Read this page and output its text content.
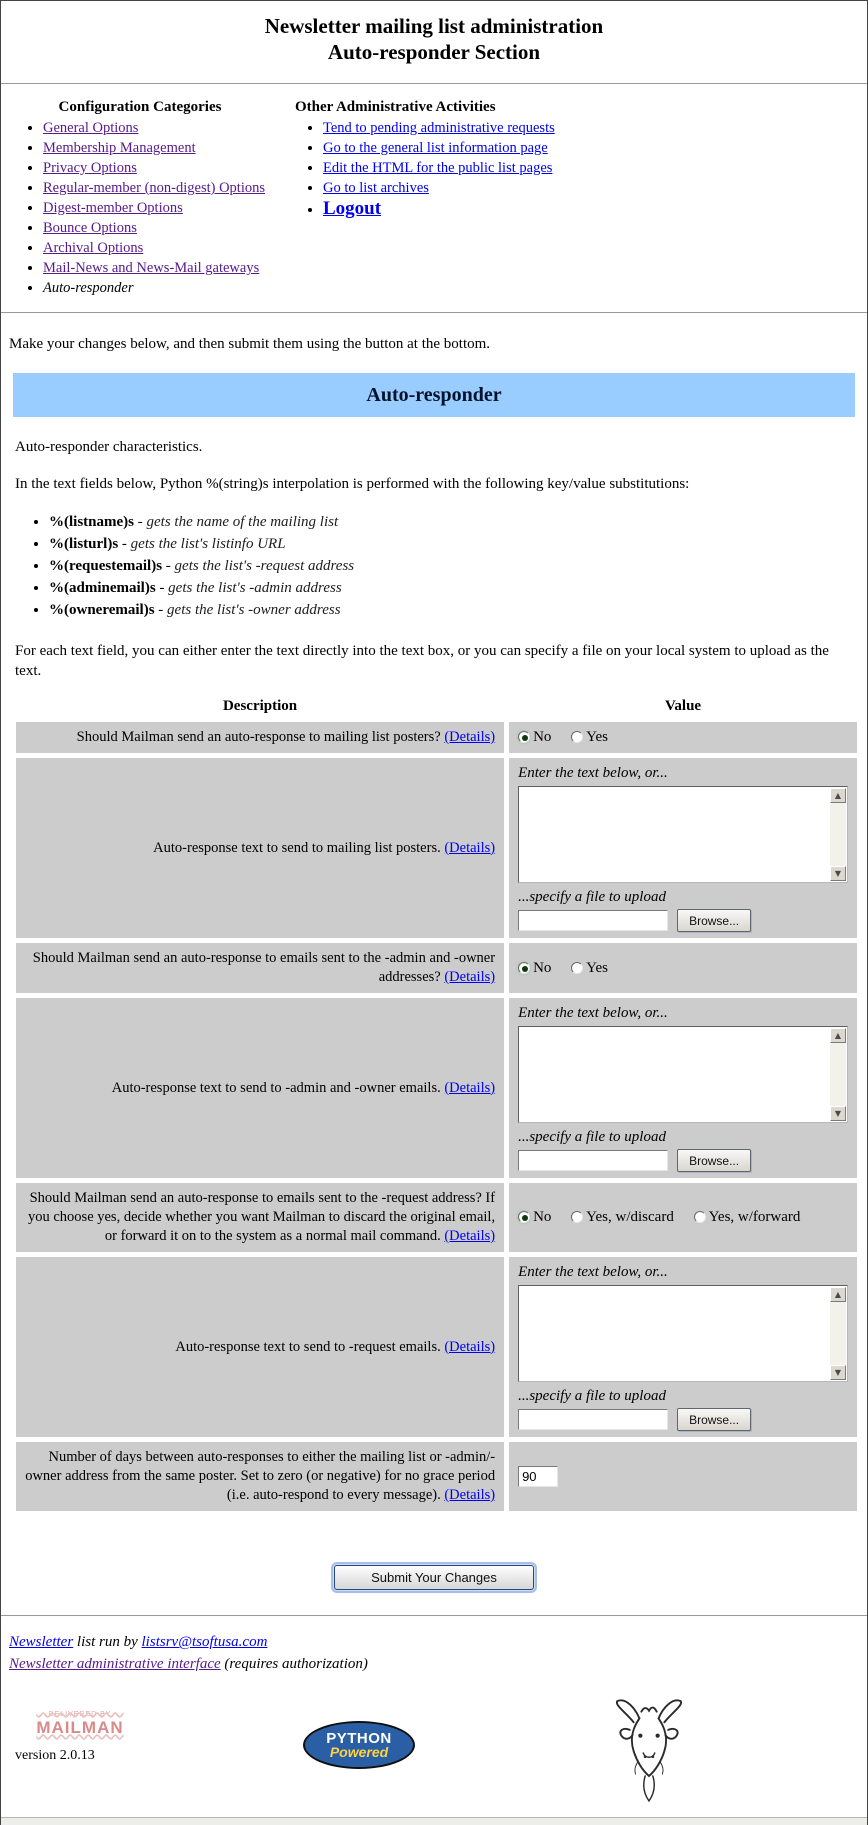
Newsletter mailing list administration
Auto-responder Section
Configuration Categories
• General Options
• Membership Management
• Privacy Options
• Regular-member (non-digest) Options
• Digest-member Options
• Bounce Options
• Archival Options
• Mail-News and News-Mail gateways
• Auto-responder
Other Administrative Activities
• Tend to pending administrative requests
• Go to the general list information page
• Edit the HTML for the public list pages
• Go to list archives
• Logout

Make your changes below, and then submit them using the button at the bottom.

Auto-responder

Auto-responder characteristics.

In the text fields below, Python %(string)s interpolation is performed with the following key/value substitutions:

• %(listname)s - gets the name of the mailing list
• %(listurl)s - gets the list's listinfo URL
• %(requestemail)s - gets the list's -request address
• %(adminemail)s - gets the list's -admin address
• %(owneremail)s - gets the list's -owner address

For each text field, you can either enter the text directly into the text box, or you can specify a file on your local system to upload as the text.

Description	Value
Should Mailman send an auto-response to mailing list posters? (Details)	No Yes
Auto-response text to send to mailing list posters. (Details)	Enter the text below, or...
▲
▼
...specify a file to upload
Browse...

Should Mailman send an auto-response to emails sent to the -admin and -owner addresses? (Details)	No Yes
Auto-response text to send to -admin and -owner emails. (Details)	Enter the text below, or...
▲
▼
...specify a file to upload
Browse...

Should Mailman send an auto-response to emails sent to the -request address? If you choose yes, decide whether you want Mailman to discard the original email, or forward it on to the system as a normal mail command. (Details)	No Yes, w/discard Yes, w/forward
Auto-response text to send to -request emails. (Details)	Enter the text below, or...
▲
▼
...specify a file to upload
Browse...

Number of days between auto-responses to either the mailing list or -admin/-owner address from the same poster. Set to zero (or negative) for no grace period (i.e. auto-respond to every message). (Details)	90
Submit Your Changes
Newsletter list run by listsrv@tsoftusa.com
Newsletter administrative interface (requires authorization)
DELIVERED BY
MAILMAN
version 2.0.13
PYTHON
Powered
